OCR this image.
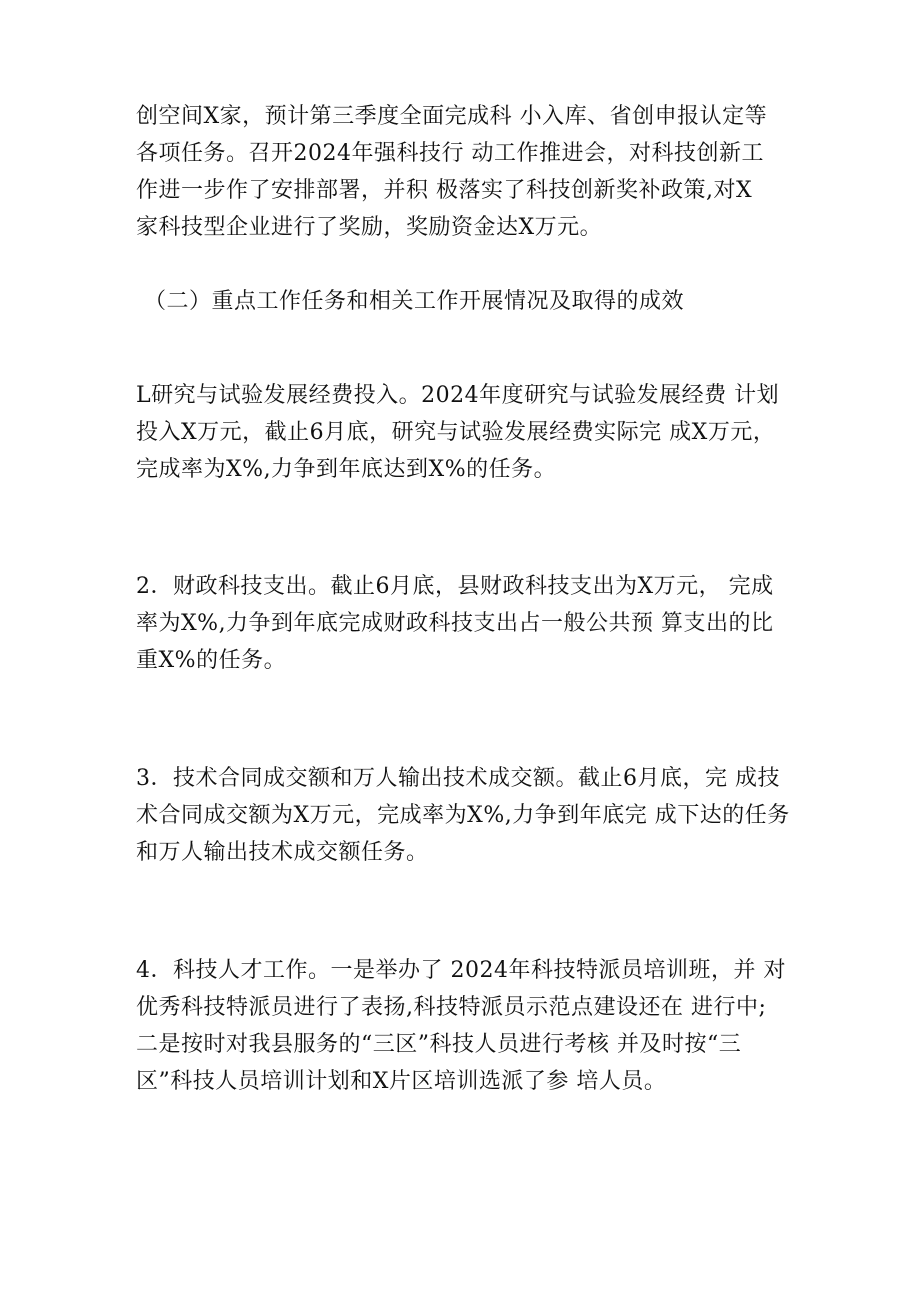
创空间X家，预计第三季度全面完成科 小入库、省创申报认定等
各项任务。召开2024年强科技行 动工作推进会，对科技创新工
作进一步作了安排部署，并积 极落实了科技创新奖补政策,对X
家科技型企业进行了奖励，奖励资金达X万元。

（二）重点工作任务和相关工作开展情况及取得的成效

L研究与试验发展经费投入。2024年度研究与试验发展经费 计划
投入X万元，截止6月底，研究与试验发展经费实际完 成X万元，
完成率为X%,力争到年底达到X%的任务。

2．财政科技支出。截止6月底，县财政科技支出为X万元， 完成
率为X%,力争到年底完成财政科技支出占一般公共预 算支出的比
重X%的任务。

3．技术合同成交额和万人输出技术成交额。截止6月底，完 成技
术合同成交额为X万元，完成率为X%,力争到年底完 成下达的任务
和万人输出技术成交额任务。

4．科技人才工作。一是举办了 2024年科技特派员培训班，并 对
优秀科技特派员进行了表扬,科技特派员示范点建设还在 进行中;
二是按时对我县服务的“三区”科技人员进行考核 并及时按“三
区”科技人员培训计划和X片区培训选派了参 培人员。
